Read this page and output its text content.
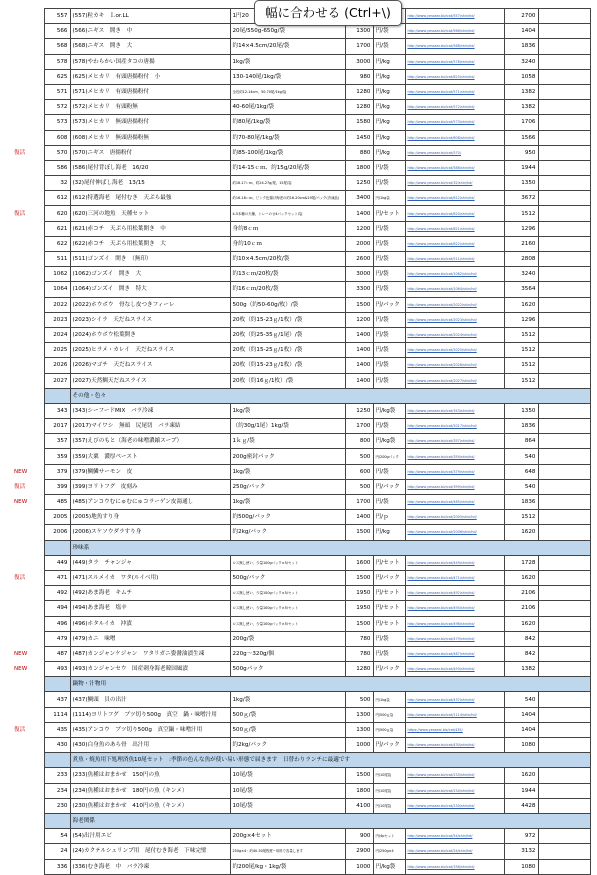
	557	(557)粒カキ　Ｌor.LL	1円20			http://www.yessear.biz/cat/557/shin/hd/	2700	
	566	(566)ニギス　開き　中	20尾/550g-650g/袋	1300	円/袋	http://www.yessear.biz/cat/566/shin/hd/	1404	
	568	(568)ニギス　開き　大	約14×4.5cm/20尾/袋	1700	円/袋	http://www.yessear.biz/cat/568/shin/hd/	1836	
	578	(578)やわらかい国産タコの唐揚	1kg/袋	3000	円/kg	http://www.yessear.biz/cat/578/shin/hd/	3240	
	625	(625)メヒカリ　有頭唐揚粉付　小	130-140尾/1kg/袋	980	円/kg	http://www.yessear.biz/cat/625/shin/hd/	1058	
	571	(571)メヒカリ　有頭唐揚粉付	全長約12-14cm、50-70尾/1kg/袋	1280	円/kg	http://www.yessear.biz/cat/571/shin/hd/	1382	
	572	(572)メヒカリ　有頭粉無	40-60尾/1kg/袋	1280	円/kg	http://www.yessear.biz/cat/572/shin/hd/	1382	
	573	(573)メヒカリ　無頭唐揚粉付	約80尾/1kg/袋	1580	円/kg	http://www.yessear.biz/cat/573/shin/hd/	1706	
	608	(608)メヒカリ　無頭唐揚粉無	約70-80尾/1kg/袋	1450	円/kg	http://www.yessear.biz/cat/608/shin/hd/	1566	
復活	570	(570)ニギス　唐揚粉付	約85-100尾/1kg/袋	880	円/kg	http://www.yessear.biz/cat/570/	950	
	586	(586)尾付背ぼし海老　16/20	約14-15ｃｍ、約15g/20尾/袋	1800	円/袋	http://www.yessear.biz/cat/586/shin/hd/	1944	
	32	(32)尾付伸ばし海老　13/15	約16-17ｃｍ、約24-27g/尾、15尾/袋	1250	円/袋	http://www.yessear.biz/cat/32/shin/hd/	1350	
	612	(612)特選海老　尾付むき　天ぷら最強	約16-18ｃｍ、ピンク色揚げ海老の約16-20cm&19尾/パック(冷凍品)	3400	円/1kg袋	http://www.yessear.biz/cat/612/shin/hd/	3672	
復活	620	(620)三河の地魚　天種セット	4-5本種の天種、トレーのせ4パックセット/袋	1400	円/セット	http://www.yessear.biz/cat/620/shin/hd/	1512	
	621	(621)赤コチ　天ぷら用松葉開き　中	身約8ｃｍ	1200	円/袋	http://www.yessear.biz/cat/621/shin/hd/	1296	
	622	(622)赤コチ　天ぷら用松葉開き　大	身約10ｃｍ	2000	円/袋	http://www.yessear.biz/cat/622/shin/hd/	2160	
	511	(511)ゴンズイ　開き　（無印）	約10×4.5cm/20枚/袋	2600	円/袋	http://www.yessear.biz/cat/511/shin/hd/	2808	
	1062	(1062)ゴンズイ　開き　大	約13ｃｍ/20枚/袋	3000	円/袋	http://www.yessear.biz/cat/1062/shin/hd/	3240	
	1064	(1064)ゴンズイ　開き　特大	約16ｃｍ/20枚/袋	3300	円/袋	http://www.yessear.biz/cat/1064/shin/hd/	3564	
	2022	(2022)ホウボウ　骨なし皮つきフィーレ	500g（約50-60g/枚）/袋	1500	円/パック	http://www.yessear.biz/cat/2022/shin/hd/	1620	
	2023	(2023)シイラ　天だねスライス	20枚（約15-23ｇ/1枚）/袋	1200	円/袋	http://www.yessear.biz/cat/2023/shin/hd/	1296	
	2024	(2024)ホウボウ松葉開き	20枚（約25-35ｇ/1尾）/袋	1400	円/袋	http://www.yessear.biz/cat/2024/shin/hd/	1512	
	2025	(2025)ヒラメ・カレイ　天だねスライス	20枚（約15-25ｇ/1枚）/袋	1400	円/袋	http://www.yessear.biz/cat/2025/shin/hd/	1512	
	2026	(2026)マゴチ　天だねスライス	20枚（約15-23ｇ/1枚）/袋	1400	円/袋	http://www.yessear.biz/cat/2026/shin/hd/	1512	
	2027	(2027)天然鯛天だねスライス	20枚（約16ｇ/1枚）/袋	1400	円/袋	http://www.yessear.biz/cat/2027/shin/hd/	1512	
		その他・色々						
	343	(343)シーフードMIX　バラ冷凍	1kg/袋	1250	円/kg袋	http://www.yessear.biz/cat/343/shin/hd/	1350	
	2017	(2017)マイワシ　無頭　尻尾切　バラ凍結	（約30g/1尾）1kg/袋	1700	円/袋	http://www.yessear.biz/cat/2017/shin/hd/	1836	
	357	(357)えびのもと（海老の味噌濃縮スープ）	1ｋｇ/袋	800	円/kg袋	http://www.yessear.biz/cat/357/shin/hd/	864	
	359	(359)大粟　濃厚ペースト	200g密封パック	500	円/200gパック	http://www.yessear.biz/cat/359/shin/hd/	540	
NEW	379	(379)鯛鱗サーモン　皮	1kg/袋	600	円/袋	http://www.yessear.biz/cat/379/shin/hd/	648	
復活	399	(399)ヨリトフグ　皮刻み	250g/パック	500	円/パック	http://www.yessear.biz/cat/399/shin/hd/	540	
NEW	485	(485)アンコウむにゅむにゅコラーゲン皮湯通し	1kg/袋	1700	円/袋	http://www.yessear.biz/cat/485/shin/hd/	1836	
	2005	(2005)地魚すり身	約500g/パック	1400	円/ｐ	http://www.yessear.biz/cat/2005/shin/hd/	1512	
	2006	(2006)スケソウダラすり身	約2kg/パック	1500	円/kg	http://www.yessear.biz/cat/2006/shin/hd/	1620	
		珍味系						
	449	(449)タラ　チャンジャ	ロス無し使い、少量100gパック×5/セット	1600	円/セット	http://www.yessear.biz/cat/449/shin/hd/	1728	
復活	471	(471)スルメイカ　ワタ(ルイベ用)	500g/パック	1500	円/パック	http://www.yessear.biz/cat/471/shin/hd/	1620	
	492	(492)あま海老　キムチ	ロス無し使い、少量100gパック×5/セット	1950	円/セット	http://www.yessear.biz/cat/492/shin/hd/	2106	
	494	(494)あま海老　塩辛	ロス無し使い、少量100gパック×5/セット	1950	円/セット	http://www.yessear.biz/cat/494/shin/hd/	2106	
	496	(496)ホタルイカ　沖漬	ロス無し使い、少量100gパック×5/セット	1500	円/セット	http://www.yessear.biz/cat/496/shin/hd/	1620	
	479	(479)カニ　味噌	200g/袋	780	円/袋	http://www.yessear.biz/cat/479/shin/hd/	842	
NEW	487	(487)カンジャンケジャン　ワタリガニ姿醤油漬生凍	220g〜320g/個	780	円/袋	http://www.yessear.biz/cat/487/shin/hd/	842	
NEW	493	(493)カンジャンセウ　国産刺身海老韓国風漬	500gパック	1280	円/パック	http://www.yessear.biz/cat/493/shin/hd/	1382	
		鍋物・汁物用						
	437	(437)鯛頭　貝の出汁	1kg/袋	500	円/1kg袋	http://www.yessear.biz/cat/437/shin/hd/	540	
	1114	(1114)ヨリトフグ　ブツ切り500g　真空　鍋・味噌汁用	500ｇ/袋	1300	円/500ｇ袋	http://www.yessear.biz/cat/1114/shin/hd/	1404	
復活	435	(435)アンコウ　ブツ切り500g　真空鍋・味噌汁用	500ｇ/袋	1300	円/500ｇ袋	https://www.yessear.biz/cat/435/	1404	
	430	(430)白身魚のあら骨　出汁用	約2kg/パック	1000	円/パック	http://www.yessear.biz/cat/430/shin/hd/	1080	
		煮魚・焼魚用下処理済魚10尾セット　:季節の色んな魚が使い易い形態で届きます　日替わりランチに最適です						
	233	(233)魚種はおまかせ　150円の魚	10尾/袋	1500	円/10尾袋	http://www.yessear.biz/cat/233/shin/hd/	1620	
	234	(234)魚種はおまかせ　180円の魚（キンメ）	10尾/袋	1800	円/10尾袋	http://www.yessear.biz/cat/234/shin/hd/	1944	
	230	(230)魚種はおまかせ　410円の魚（キンメ）	10尾/袋	4100	円/10尾袋	http://www.yessear.biz/cat/230/shin/hd/	4428	
		海老関係						
	54	(54)出汁用エビ	200g×4セット	900	円/4pセット	http://www.yessear.biz/cat/54/shin/hd/	972	
	24	(24)カクテルシュリンプ用　尾付むき海老　下味完璧	250g×4・約40-50尾程度−用料で容量します	2900	円/250g×4	http://www.yessear.biz/cat/24/shin/hd/	3132	
	336	(336)むき海老　中　バラ冷凍	約200尾/kg・1kg/袋	1000	円/kg袋	http://www.yessear.biz/cat/336/shin/hd/	1080	
幅に合わせる (Ctrl+\)
